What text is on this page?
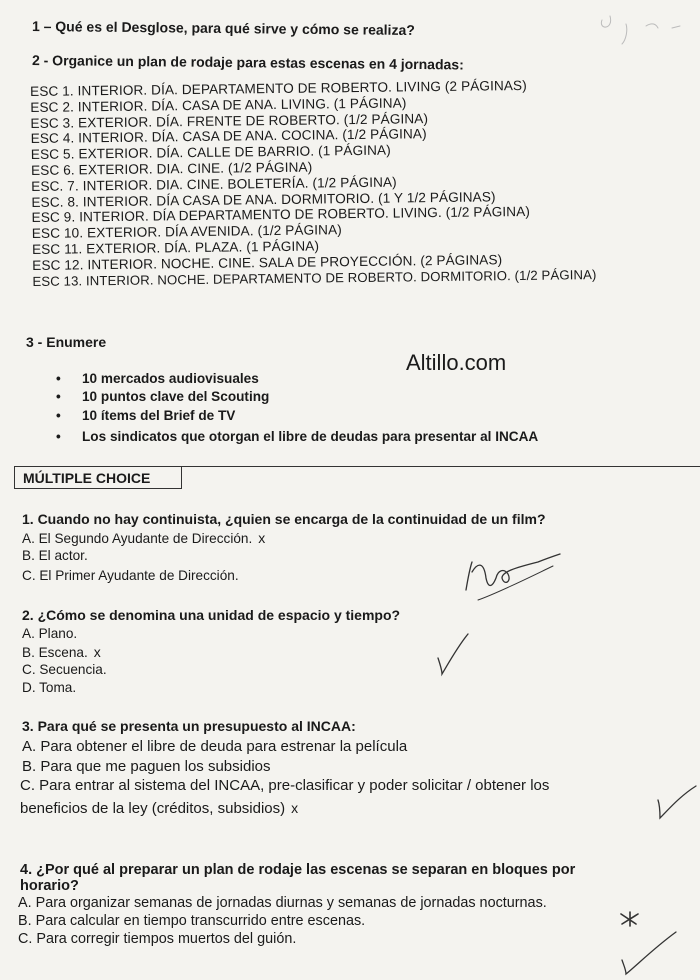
1 – Qué es el Desglose, para qué sirve y cómo se realiza?
2 - Organice un plan de rodaje para estas escenas en 4 jornadas:
ESC 1. INTERIOR. DÍA. DEPARTAMENTO DE ROBERTO. LIVING (2 PÁGINAS)
ESC 2. INTERIOR. DÍA. CASA DE ANA. LIVING. (1 PÁGINA)
ESC 3. EXTERIOR. DÍA. FRENTE DE ROBERTO. (1/2 PÁGINA)
ESC 4. INTERIOR. DÍA. CASA DE ANA. COCINA. (1/2 PÁGINA)
ESC 5. EXTERIOR. DÍA. CALLE DE BARRIO. (1 PÁGINA)
ESC 6. EXTERIOR. DIA. CINE. (1/2 PÁGINA)
ESC. 7. INTERIOR. DIA. CINE. BOLETERÍA. (1/2 PÁGINA)
ESC. 8. INTERIOR. DÍA CASA DE ANA. DORMITORIO. (1 Y 1/2 PÁGINAS)
ESC 9. INTERIOR. DÍA DEPARTAMENTO DE ROBERTO. LIVING. (1/2 PÁGINA)
ESC 10. EXTERIOR. DÍA AVENIDA. (1/2 PÁGINA)
ESC 11. EXTERIOR. DÍA. PLAZA. (1 PÁGINA)
ESC 12. INTERIOR. NOCHE. CINE. SALA DE PROYECCIÓN. (2 PÁGINAS)
ESC 13. INTERIOR. NOCHE. DEPARTAMENTO DE ROBERTO. DORMITORIO. (1/2 PÁGINA)
3 - Enumere
Altillo.com
• 10 mercados audiovisuales
• 10 puntos clave del Scouting
• 10 ítems del Brief de TV
• Los sindicatos que otorgan el libre de deudas para presentar al INCAA
MÚLTIPLE CHOICE
1. Cuando no hay continuista, ¿quien se encarga de la continuidad de un film?
A. El Segundo Ayudante de Dirección. x
B. El actor.
C. El Primer Ayudante de Dirección.
2. ¿Cómo se denomina una unidad de espacio y tiempo?
A. Plano.
B. Escena. x
C. Secuencia.
D. Toma.
3. Para qué se presenta un presupuesto al INCAA:
A. Para obtener el libre de deuda para estrenar la película
B. Para que me paguen los subsidios
C. Para entrar al sistema del INCAA, pre-clasificar y poder solicitar / obtener los
beneficios de la ley (créditos, subsidios) x
4. ¿Por qué al preparar un plan de rodaje las escenas se separan en bloques por
horario?
A. Para organizar semanas de jornadas diurnas y semanas de jornadas nocturnas.
B. Para calcular en tiempo transcurrido entre escenas.
C. Para corregir tiempos muertos del guión.
